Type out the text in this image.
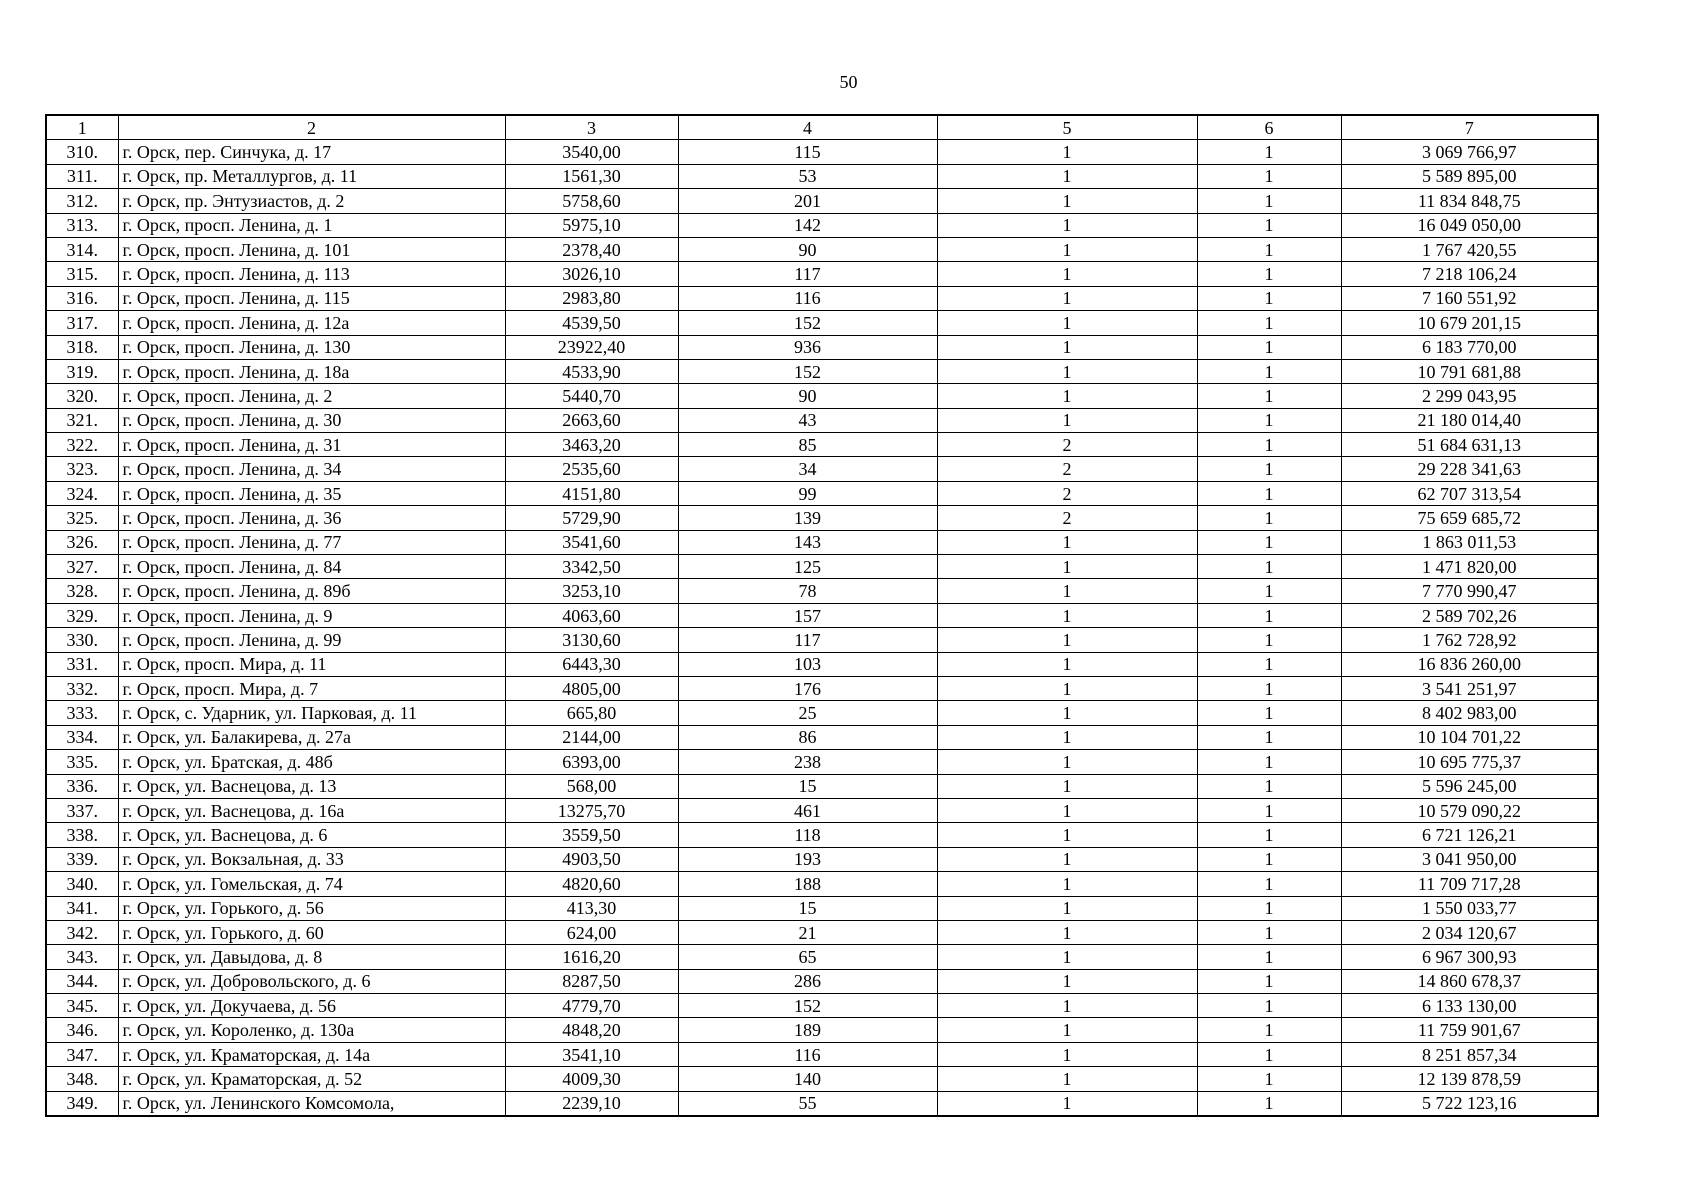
50
1	2	3	4	5	6	7
310.	г. Орск, пер. Синчука, д. 17	3540,00	115	1	1	3 069 766,97
311.	г. Орск, пр. Металлургов, д. 11	1561,30	53	1	1	5 589 895,00
312.	г. Орск, пр. Энтузиастов, д. 2	5758,60	201	1	1	11 834 848,75
313.	г. Орск, просп. Ленина, д. 1	5975,10	142	1	1	16 049 050,00
314.	г. Орск, просп. Ленина, д. 101	2378,40	90	1	1	1 767 420,55
315.	г. Орск, просп. Ленина, д. 113	3026,10	117	1	1	7 218 106,24
316.	г. Орск, просп. Ленина, д. 115	2983,80	116	1	1	7 160 551,92
317.	г. Орск, просп. Ленина, д. 12а	4539,50	152	1	1	10 679 201,15
318.	г. Орск, просп. Ленина, д. 130	23922,40	936	1	1	6 183 770,00
319.	г. Орск, просп. Ленина, д. 18а	4533,90	152	1	1	10 791 681,88
320.	г. Орск, просп. Ленина, д. 2	5440,70	90	1	1	2 299 043,95
321.	г. Орск, просп. Ленина, д. 30	2663,60	43	1	1	21 180 014,40
322.	г. Орск, просп. Ленина, д. 31	3463,20	85	2	1	51 684 631,13
323.	г. Орск, просп. Ленина, д. 34	2535,60	34	2	1	29 228 341,63
324.	г. Орск, просп. Ленина, д. 35	4151,80	99	2	1	62 707 313,54
325.	г. Орск, просп. Ленина, д. 36	5729,90	139	2	1	75 659 685,72
326.	г. Орск, просп. Ленина, д. 77	3541,60	143	1	1	1 863 011,53
327.	г. Орск, просп. Ленина, д. 84	3342,50	125	1	1	1 471 820,00
328.	г. Орск, просп. Ленина, д. 89б	3253,10	78	1	1	7 770 990,47
329.	г. Орск, просп. Ленина, д. 9	4063,60	157	1	1	2 589 702,26
330.	г. Орск, просп. Ленина, д. 99	3130,60	117	1	1	1 762 728,92
331.	г. Орск, просп. Мира, д. 11	6443,30	103	1	1	16 836 260,00
332.	г. Орск, просп. Мира, д. 7	4805,00	176	1	1	3 541 251,97
333.	г. Орск, с. Ударник, ул. Парковая, д. 11	665,80	25	1	1	8 402 983,00
334.	г. Орск, ул. Балакирева, д. 27а	2144,00	86	1	1	10 104 701,22
335.	г. Орск, ул. Братская, д. 48б	6393,00	238	1	1	10 695 775,37
336.	г. Орск, ул. Васнецова, д. 13	568,00	15	1	1	5 596 245,00
337.	г. Орск, ул. Васнецова, д. 16а	13275,70	461	1	1	10 579 090,22
338.	г. Орск, ул. Васнецова, д. 6	3559,50	118	1	1	6 721 126,21
339.	г. Орск, ул. Вокзальная, д. 33	4903,50	193	1	1	3 041 950,00
340.	г. Орск, ул. Гомельская, д. 74	4820,60	188	1	1	11 709 717,28
341.	г. Орск, ул. Горького, д. 56	413,30	15	1	1	1 550 033,77
342.	г. Орск, ул. Горького, д. 60	624,00	21	1	1	2 034 120,67
343.	г. Орск, ул. Давыдова, д. 8	1616,20	65	1	1	6 967 300,93
344.	г. Орск, ул. Добровольского, д. 6	8287,50	286	1	1	14 860 678,37
345.	г. Орск, ул. Докучаева, д. 56	4779,70	152	1	1	6 133 130,00
346.	г. Орск, ул. Короленко, д. 130а	4848,20	189	1	1	11 759 901,67
347.	г. Орск, ул. Краматорская, д. 14а	3541,10	116	1	1	8 251 857,34
348.	г. Орск, ул. Краматорская, д. 52	4009,30	140	1	1	12 139 878,59
349.	г. Орск, ул. Ленинского Комсомола,	2239,10	55	1	1	5 722 123,16
